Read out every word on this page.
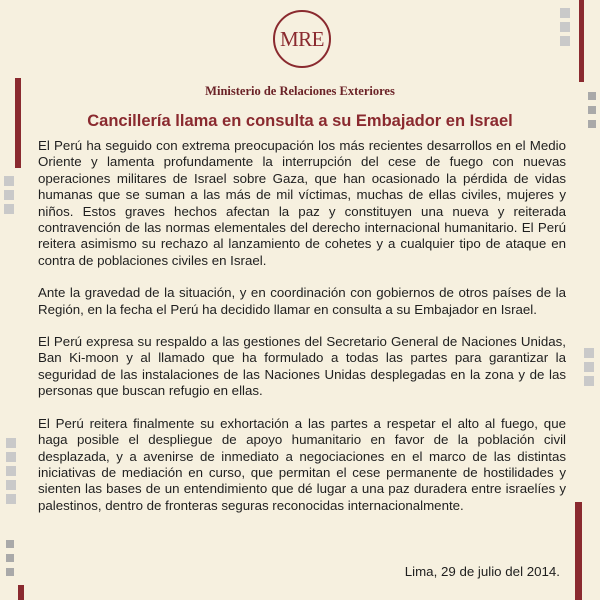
MRE
Ministerio de Relaciones Exteriores
Cancillería llama en consulta a su Embajador en Israel

El Perú ha seguido con extrema preocupación los más recientes desarrollos en el Medio Oriente y lamenta profundamente la interrupción del cese de fuego con nuevas operaciones militares de Israel sobre Gaza, que han ocasionado la pérdida de vidas humanas que se suman a las más de mil víctimas, muchas de ellas civiles, mujeres y niños. Estos graves hechos afectan la paz y constituyen una nueva y reiterada contravención de las normas elementales del derecho internacional humanitario. El Perú reitera asimismo su rechazo al lanzamiento de cohetes y a cualquier tipo de ataque en contra de poblaciones civiles en Israel.

Ante la gravedad de la situación, y en coordinación con gobiernos de otros países de la Región, en la fecha el Perú ha decidido llamar en consulta a su Embajador en Israel.

El Perú expresa su respaldo a las gestiones del Secretario General de Naciones Unidas, Ban Ki-moon y al llamado que ha formulado a todas las partes para garantizar la seguridad de las instalaciones de las Naciones Unidas desplegadas en la zona y de las personas que buscan refugio en ellas.

El Perú reitera finalmente su exhortación a las partes a respetar el alto al fuego, que haga posible el despliegue de apoyo humanitario en favor de la población civil desplazada, y a avenirse de inmediato a negociaciones en el marco de las distintas iniciativas de mediación en curso, que permitan el cese permanente de hostilidades y sienten las bases de un entendimiento que dé lugar a una paz duradera entre israelíes y palestinos, dentro de fronteras seguras reconocidas internacionalmente.

Lima, 29 de julio del 2014.
